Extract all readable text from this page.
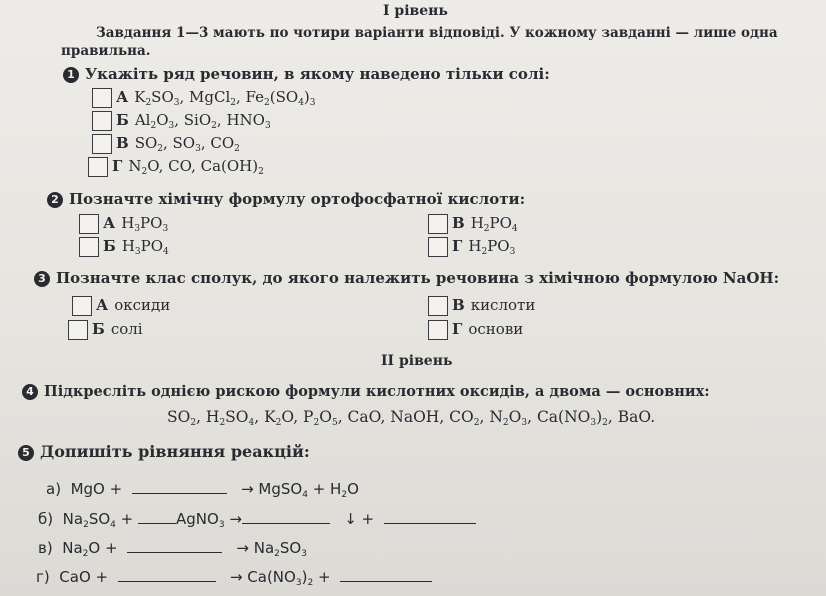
I рівень
Завдання 1—3 мають по чотири варіанти відповіді. У кожному завданні — лише одна
правильна.
1 Укажіть ряд речовин, в якому наведено тільки солі:
А $K_2SO_3$, MgCl$_2$, $Fe_2(SO_4)_3$
Б $Al_2O_3$, SiO$_2$, $HNO_3$
В $SO_2$, $SO_3$, $CO_2$
Г $N_2O$, CO, $Ca(OH)_2$
2 Позначте хімічну формулу ортофосфатної кислоти:
А $H_3PO_3$
Б $H_3PO_4$
В $H_2PO_4$
Г $H_2PO_3$
3 Позначте клас сполук, до якого належить речовина з хімічною формулою NaOH:
А оксиди
Б солі
В кислоти
Г основи
II рівень
4 Підкресліть однією рискою формули кислотних оксидів, а двома — основних:
$SO_2$, $H_2SO_4$, $K_2O$, $P_2O_5$, CaO, NaOH, $CO_2$, $N_2O_3$, $Ca(NO_3)_2$, BaO.
5 Допишіть рівняння реакцій:
а) MgO +	→ MgSO$_4$ + $H_2O$
б) $Na_2SO_4$ +	AgNO$_3$ →	↓ +
в) $Na_2O$ +	→ $Na_2SO_3$
г) CaO +	→ $Ca(NO_3)_2$ +
